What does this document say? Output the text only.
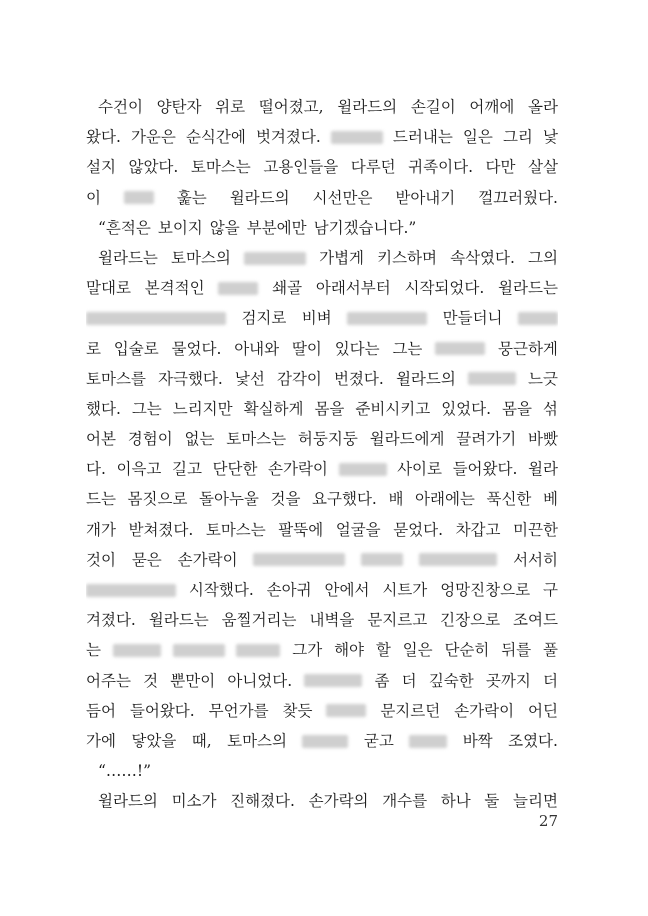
수건이 양탄자 위로 떨어졌고, 윌라드의 손길이 어깨에 올라
왔다. 가운은 순식간에 벗겨졌다.	드러내는 일은 그리 낯
설지 않았다. 토마스는 고용인들을 다루던 귀족이다. 다만 살살
이	훑는 윌라드의 시선만은 받아내기 껄끄러웠다.
“흔적은 보이지 않을 부분에만 남기겠습니다.”
윌라드는 토마스의	가볍게 키스하며 속삭였다. 그의
말대로 본격적인	쇄골 아래서부터 시작되었다. 윌라드는
검지로 비벼	만들더니
로 입술로 물었다. 아내와 딸이 있다는 그는	뭉근하게
토마스를 자극했다. 낯선 감각이 번졌다. 윌라드의	느긋
했다. 그는 느리지만 확실하게 몸을 준비시키고 있었다. 몸을 섞
어본 경험이 없는 토마스는 허둥지둥 윌라드에게 끌려가기 바빴
다. 이윽고 길고 단단한 손가락이	사이로 들어왔다. 윌라
드는 몸짓으로 돌아누울 것을 요구했다. 배 아래에는 푹신한 베
개가 받쳐졌다. 토마스는 팔뚝에 얼굴을 묻었다. 차갑고 미끈한
것이 묻은 손가락이	서서히
시작했다. 손아귀 안에서 시트가 엉망진창으로 구
겨졌다. 윌라드는 움찔거리는 내벽을 문지르고 긴장으로 조여드
는	그가 해야 할 일은 단순히 뒤를 풀
어주는 것 뿐만이 아니었다.	좀 더 깊숙한 곳까지 더
듬어 들어왔다. 무언가를 찾듯	문지르던 손가락이 어딘
가에 닿았을 때, 토마스의	굳고	바짝 조였다.
“……!”
윌라드의 미소가 진해졌다. 손가락의 개수를 하나 둘 늘리면
27
